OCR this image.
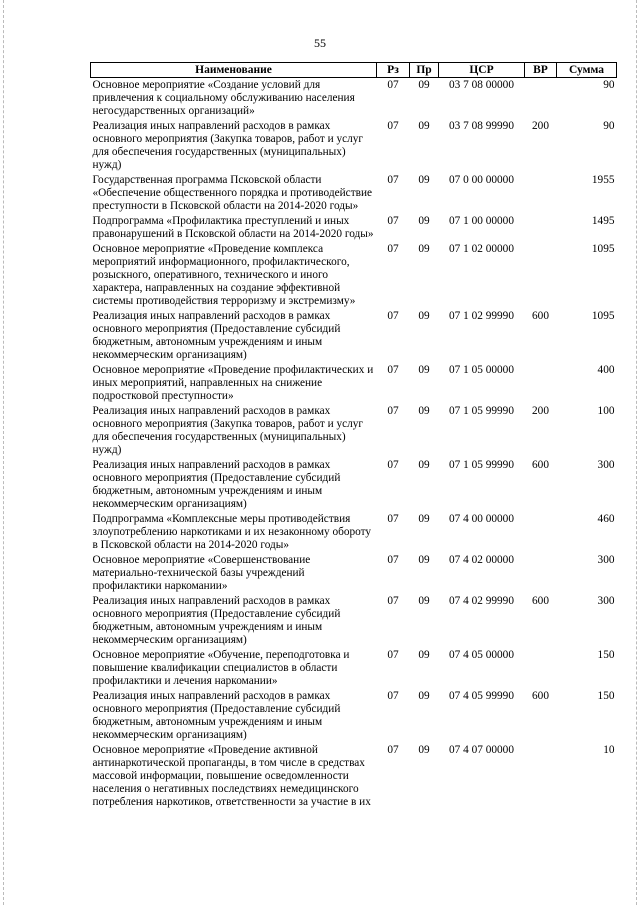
55
Наименование	Рз	Пр	ЦСР	ВР	Сумма
Основное мероприятие «Создание условий для привлечения к социальному обслуживанию населения негосударственных организаций»	07	09	03 7 08 00000		90
Реализация иных направлений расходов в рамках основного мероприятия (Закупка товаров, работ и услуг для обеспечения государственных (муниципальных) нужд)	07	09	03 7 08 99990	200	90
Государственная программа Псковской области «Обеспечение общественного порядка и противодействие преступности в Псковской области на 2014-2020 годы»	07	09	07 0 00 00000		1955
Подпрограмма «Профилактика преступлений и иных правонарушений в Псковской области на 2014-2020 годы»	07	09	07 1 00 00000		1495
Основное мероприятие «Проведение комплекса мероприятий информационного, профилактического, розыскного, оперативного, технического и иного характера, направленных на создание эффективной системы противодействия терроризму и экстремизму»	07	09	07 1 02 00000		1095
Реализация иных направлений расходов в рамках основного мероприятия (Предоставление субсидий бюджетным, автономным учреждениям и иным некоммерческим организациям)	07	09	07 1 02 99990	600	1095
Основное мероприятие «Проведение профилактических и иных мероприятий, направленных на снижение подростковой преступности»	07	09	07 1 05 00000		400
Реализация иных направлений расходов в рамках основного мероприятия (Закупка товаров, работ и услуг для обеспечения государственных (муниципальных) нужд)	07	09	07 1 05 99990	200	100
Реализация иных направлений расходов в рамках основного мероприятия (Предоставление субсидий бюджетным, автономным учреждениям и иным некоммерческим организациям)	07	09	07 1 05 99990	600	300
Подпрограмма «Комплексные меры противодействия злоупотреблению наркотиками и их незаконному обороту в Псковской области на 2014-2020 годы»	07	09	07 4 00 00000		460
Основное мероприятие «Совершенствование материально-технической базы учреждений профилактики наркомании»	07	09	07 4 02 00000		300
Реализация иных направлений расходов в рамках основного мероприятия (Предоставление субсидий бюджетным, автономным учреждениям и иным некоммерческим организациям)	07	09	07 4 02 99990	600	300
Основное мероприятие «Обучение, переподготовка и повышение квалификации специалистов в области профилактики и лечения наркомании»	07	09	07 4 05 00000		150
Реализация иных направлений расходов в рамках основного мероприятия (Предоставление субсидий бюджетным, автономным учреждениям и иным некоммерческим организациям)	07	09	07 4 05 99990	600	150
Основное мероприятие «Проведение активной антинаркотической пропаганды, в том числе в средствах массовой информации, повышение осведомленности населения о негативных последствиях немедицинского потребления наркотиков, ответственности за участие в их	07	09	07 4 07 00000		10
